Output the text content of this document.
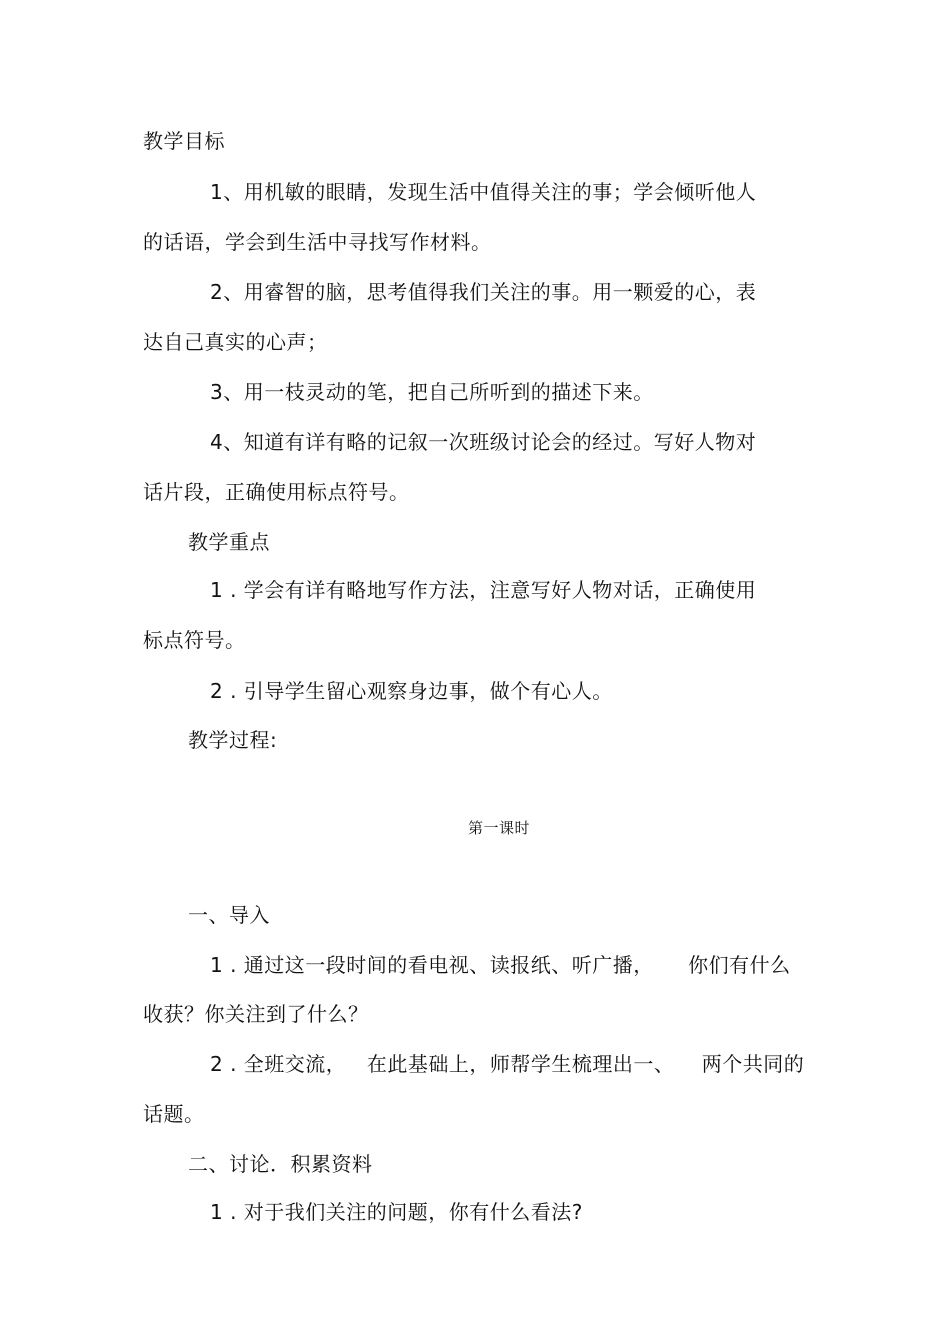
教学目标
1、用机敏的眼睛，发现生活中值得关注的事；学会倾听他人
的话语，学会到生活中寻找写作材料。
2、用睿智的脑，思考值得我们关注的事。用一颗爱的心，表
达自己真实的心声；
3、用一枝灵动的笔，把自己所听到的描述下来。
4、知道有详有略的记叙一次班级讨论会的经过。写好人物对
话片段，正确使用标点符号。
教学重点
1 . 学会有详有略地写作方法，注意写好人物对话，正确使用
标点符号。
2 . 引导学生留心观察身边事，做个有心人。
教学过程:
第一课时
一、导入
1 . 通过这一段时间的看电视、读报纸、听广播，     你们有什么
收获？你关注到了什么？
2 . 全班交流，   在此基础上，师帮学生梳理出一、    两个共同的
话题。
二、讨论．积累资料
1 . 对于我们关注的问题，你有什么看法?
